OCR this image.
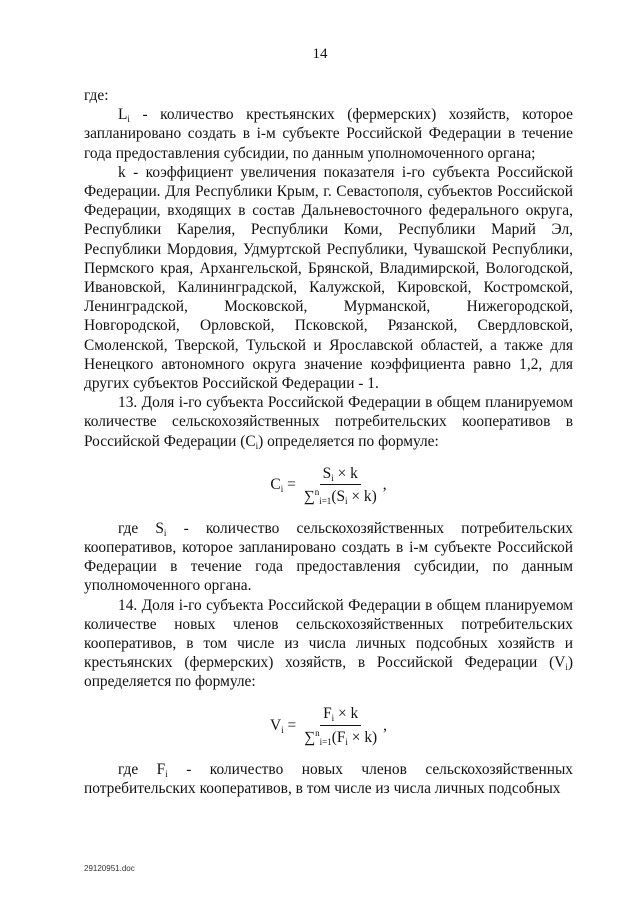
14

где:

$L_i$ - количество крестьянских (фермерских) хозяйств, которое запланировано создать в i-м субъекте Российской Федерации в течение года предоставления субсидии, по данным уполномоченного органа;

k - коэффициент увеличения показателя i-го субъекта Российской Федерации. Для Республики Крым, г. Севастополя, субъектов Российской Федерации, входящих в состав Дальневосточного федерального округа, Республики Карелия, Республики Коми, Республики Марий Эл, Республики Мордовия, Удмуртской Республики, Чувашской Республики, Пермского края, Архангельской, Брянской, Владимирской, Вологодской, Ивановской, Калининградской, Калужской, Кировской, Костромской, Ленинградской, Московской, Мурманской, Нижегородской, Новгородской, Орловской, Псковской, Рязанской, Свердловской, Смоленской, Тверской, Тульской и Ярославской областей, а также для Ненецкого автономного округа значение коэффициента равно 1,2, для других субъектов Российской Федерации - 1.

13. Доля i-го субъекта Российской Федерации в общем планируемом количестве сельскохозяйственных потребительских кооперативов в Российской Федерации $(C_i)$ определяется по формуле:

$C_i = \frac{S_i \times k}{\sum^n_{i=1}(S_i \times k)}$ ,

где $S_i$ - количество сельскохозяйственных потребительских кооперативов, которое запланировано создать в i-м субъекте Российской Федерации в течение года предоставления субсидии, по данным уполномоченного органа.

14. Доля i-го субъекта Российской Федерации в общем планируемом количестве новых членов сельскохозяйственных потребительских кооперативов, в том числе из числа личных подсобных хозяйств и крестьянских (фермерских) хозяйств, в Российской Федерации $(V_i)$ определяется по формуле:

$V_i = \frac{F_i \times k}{\sum^n_{i=1}(F_i \times k)}$ ,

где $F_i$ - количество новых членов сельскохозяйственных потребительских кооперативов, в том числе из числа личных подсобных

29120951.doc
